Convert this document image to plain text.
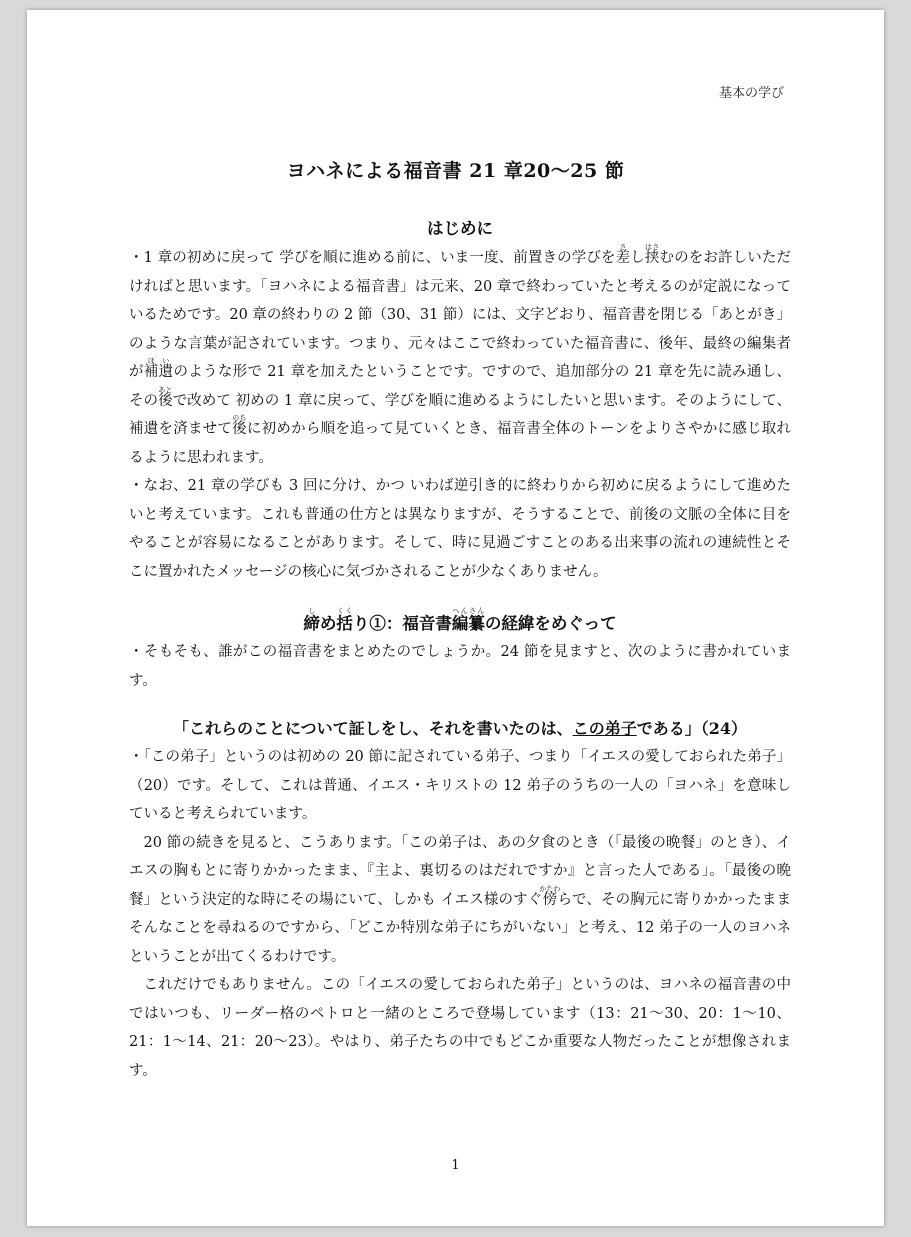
基本の学び
ヨハネによる福音書 21 章20〜25 節
はじめに

・1 章の初めに戻って 学びを順に進める前に、いま一度、前置きの学びを差さし挟はさむのをお許しいただければと思います。「ヨハネによる福音書」は元来、20 章で終わっていたと考えるのが定説になっているためです。20 章の終わりの 2 節（30、31 節）には、文字どおり、福音書を閉じる「あとがき」のような言葉が記されています。つまり、元々はここで終わっていた福音書に、後年、最終の編集者が補遺ほいのような形で 21 章を加えたということです。ですので、追加部分の 21 章を先に読み通し、その後あとで改めて 初めの 1 章に戻って、学びを順に進めるようにしたいと思います。そのようにして、補遺を済ませて後のちに初めから順を追って見ていくとき、福音書全体のトーンをよりさやかに感じ取れるように思われます。

・なお、21 章の学びも 3 回に分け、かつ いわば逆引き的に終わりから初めに戻るようにして進めたいと考えています。これも普通の仕方とは異なりますが、そうすることで、前後の文脈の全体に目をやることが容易になることがあります。そして、時に見過ごすことのある出来事の流れの連続性とそこに置かれたメッセージの核心に気づかされることが少なくありません。

締しめ括くくり①：福音書編纂へんさんの経緯をめぐって

・そもそも、誰がこの福音書をまとめたのでしょうか。24 節を見ますと、次のように書かれています。

「これらのことについて証しをし、それを書いたのは、この弟子である」（24）

・「この弟子」というのは初めの 20 節に記されている弟子、つまり「イエスの愛しておられた弟子」（20）です。そして、これは普通、イエス・キリストの 12 弟子のうちの一人の「ヨハネ」を意味していると考えられています。

20 節の続きを見ると、こうあります。「この弟子は、あの夕食のとき（「最後の晩餐」のとき）、イエスの胸もとに寄りかかったまま、『主よ、裏切るのはだれですか』と言った人である」。「最後の晩餐」という決定的な時にその場にいて、しかも イエス様のすぐ傍かたわらで、その胸元に寄りかかったまま そんなことを尋ねるのですから、「どこか特別な弟子にちがいない」と考え、12 弟子の一人のヨハネということが出てくるわけです。

これだけでもありません。この「イエスの愛しておられた弟子」というのは、ヨハネの福音書の中ではいつも、リーダー格のペトロと一緒のところで登場しています（13：21〜30、20：1〜10、21：1〜14、21：20〜23）。やはり、弟子たちの中でもどこか重要な人物だったことが想像されます。

1
